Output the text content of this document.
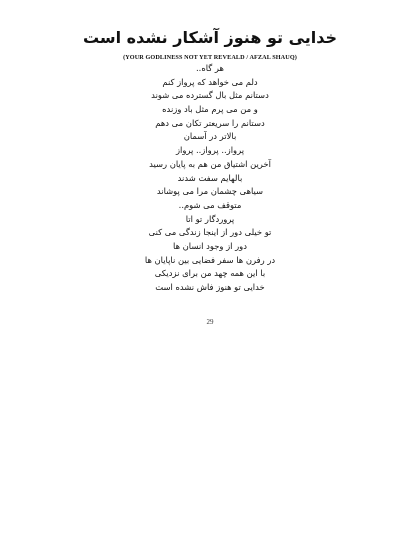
خدایی تو هنوز آشکار نشده است
(YOUR GODLINESS NOT YET REVEALD / AFZAL SHAUQ)
هر گاه..
دلم می خواهد که پرواز کنم
دستانم مثل بال گسترده می شوند
و من می پرم مثل باد وزنده
دستانم را سریعتر تکان می دهم
بالاتر در آسمان
پرواز.. پرواز.. پرواز
آخرین اشتیاق من هم به پایان رسید
بالهایم سفت شدند
سیاهی چشمان مرا می پوشاند
متوقف می شوم..
پروردگار تو اتا
تو خیلی دور از اینجا زندگی می کنی
دور از وجود انسان ها
در رفرن ها سفر فضایی بین ناپایان ها
با این همه چهد من برای نزدیکی
خدایی تو هنوز فاش نشده است
29
